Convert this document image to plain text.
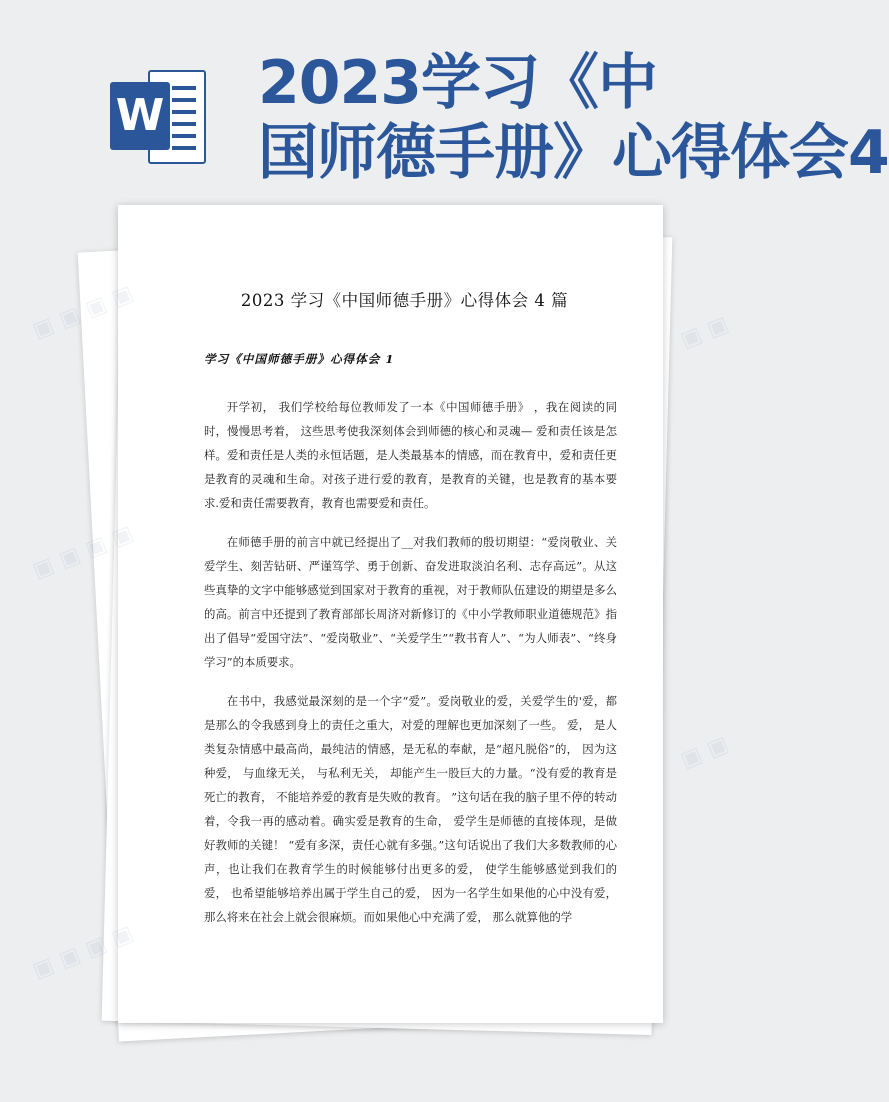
W 2023学习《中
国师德手册》心得体会4
2023 学习《中国师德手册》心得体会 4 篇
学习《中国师德手册》心得体会 1

开学初， 我们学校给每位教师发了一本《中国师德手册》 ，我在阅读的同时，慢慢思考着， 这些思考使我深刻体会到师德的核心和灵魂— 爱和责任该是怎样。爱和责任是人类的永恒话题，是人类最基本的情感，而在教育中，爱和责任更是教育的灵魂和生命。对孩子进行爱的教育，是教育的关键，也是教育的基本要求.爱和责任需要教育，教育也需要爱和责任。

在师德手册的前言中就已经提出了__对我们教师的殷切期望：“爱岗敬业、关爱学生、刻苦钻研、严谨笃学、勇于创新、奋发进取淡泊名利、志存高远”。从这些真挚的文字中能够感觉到国家对于教育的重视，对于教师队伍建设的期望是多么的高。前言中还提到了教育部部长周济对新修订的《中小学教师职业道德规范》指出了倡导“爱国守法”、“爱岗敬业”、“关爱学生”“教书育人”、“为人师表”、“终身学习”的本质要求。

在书中，我感觉最深刻的是一个字“爱”。爱岗敬业的爱，关爱学生的'爱，都是那么的令我感到身上的责任之重大，对爱的理解也更加深刻了一些。 爱， 是人类复杂情感中最高尚，最纯洁的情感，是无私的奉献，是“超凡脱俗”的， 因为这种爱， 与血缘无关， 与私利无关， 却能产生一股巨大的力量。“没有爱的教育是死亡的教育， 不能培养爱的教育是失败的教育。 ”这句话在我的脑子里不停的转动着，令我一再的感动着。确实爱是教育的生命， 爱学生是师德的直接体现，是做好教师的关键！ “爱有多深，责任心就有多强。”这句话说出了我们大多数教师的心声，也让我们在教育学生的时候能够付出更多的爱， 使学生能够感觉到我们的爱， 也希望能够培养出属于学生自己的爱， 因为一名学生如果他的心中没有爱， 那么将来在社会上就会很麻烦。而如果他心中充满了爱， 那么就算他的学

▣ ▣	▣ ▣
▣ ▣ ▣ ▣
▣ ▣
▣ ▣ ▣ ▣
